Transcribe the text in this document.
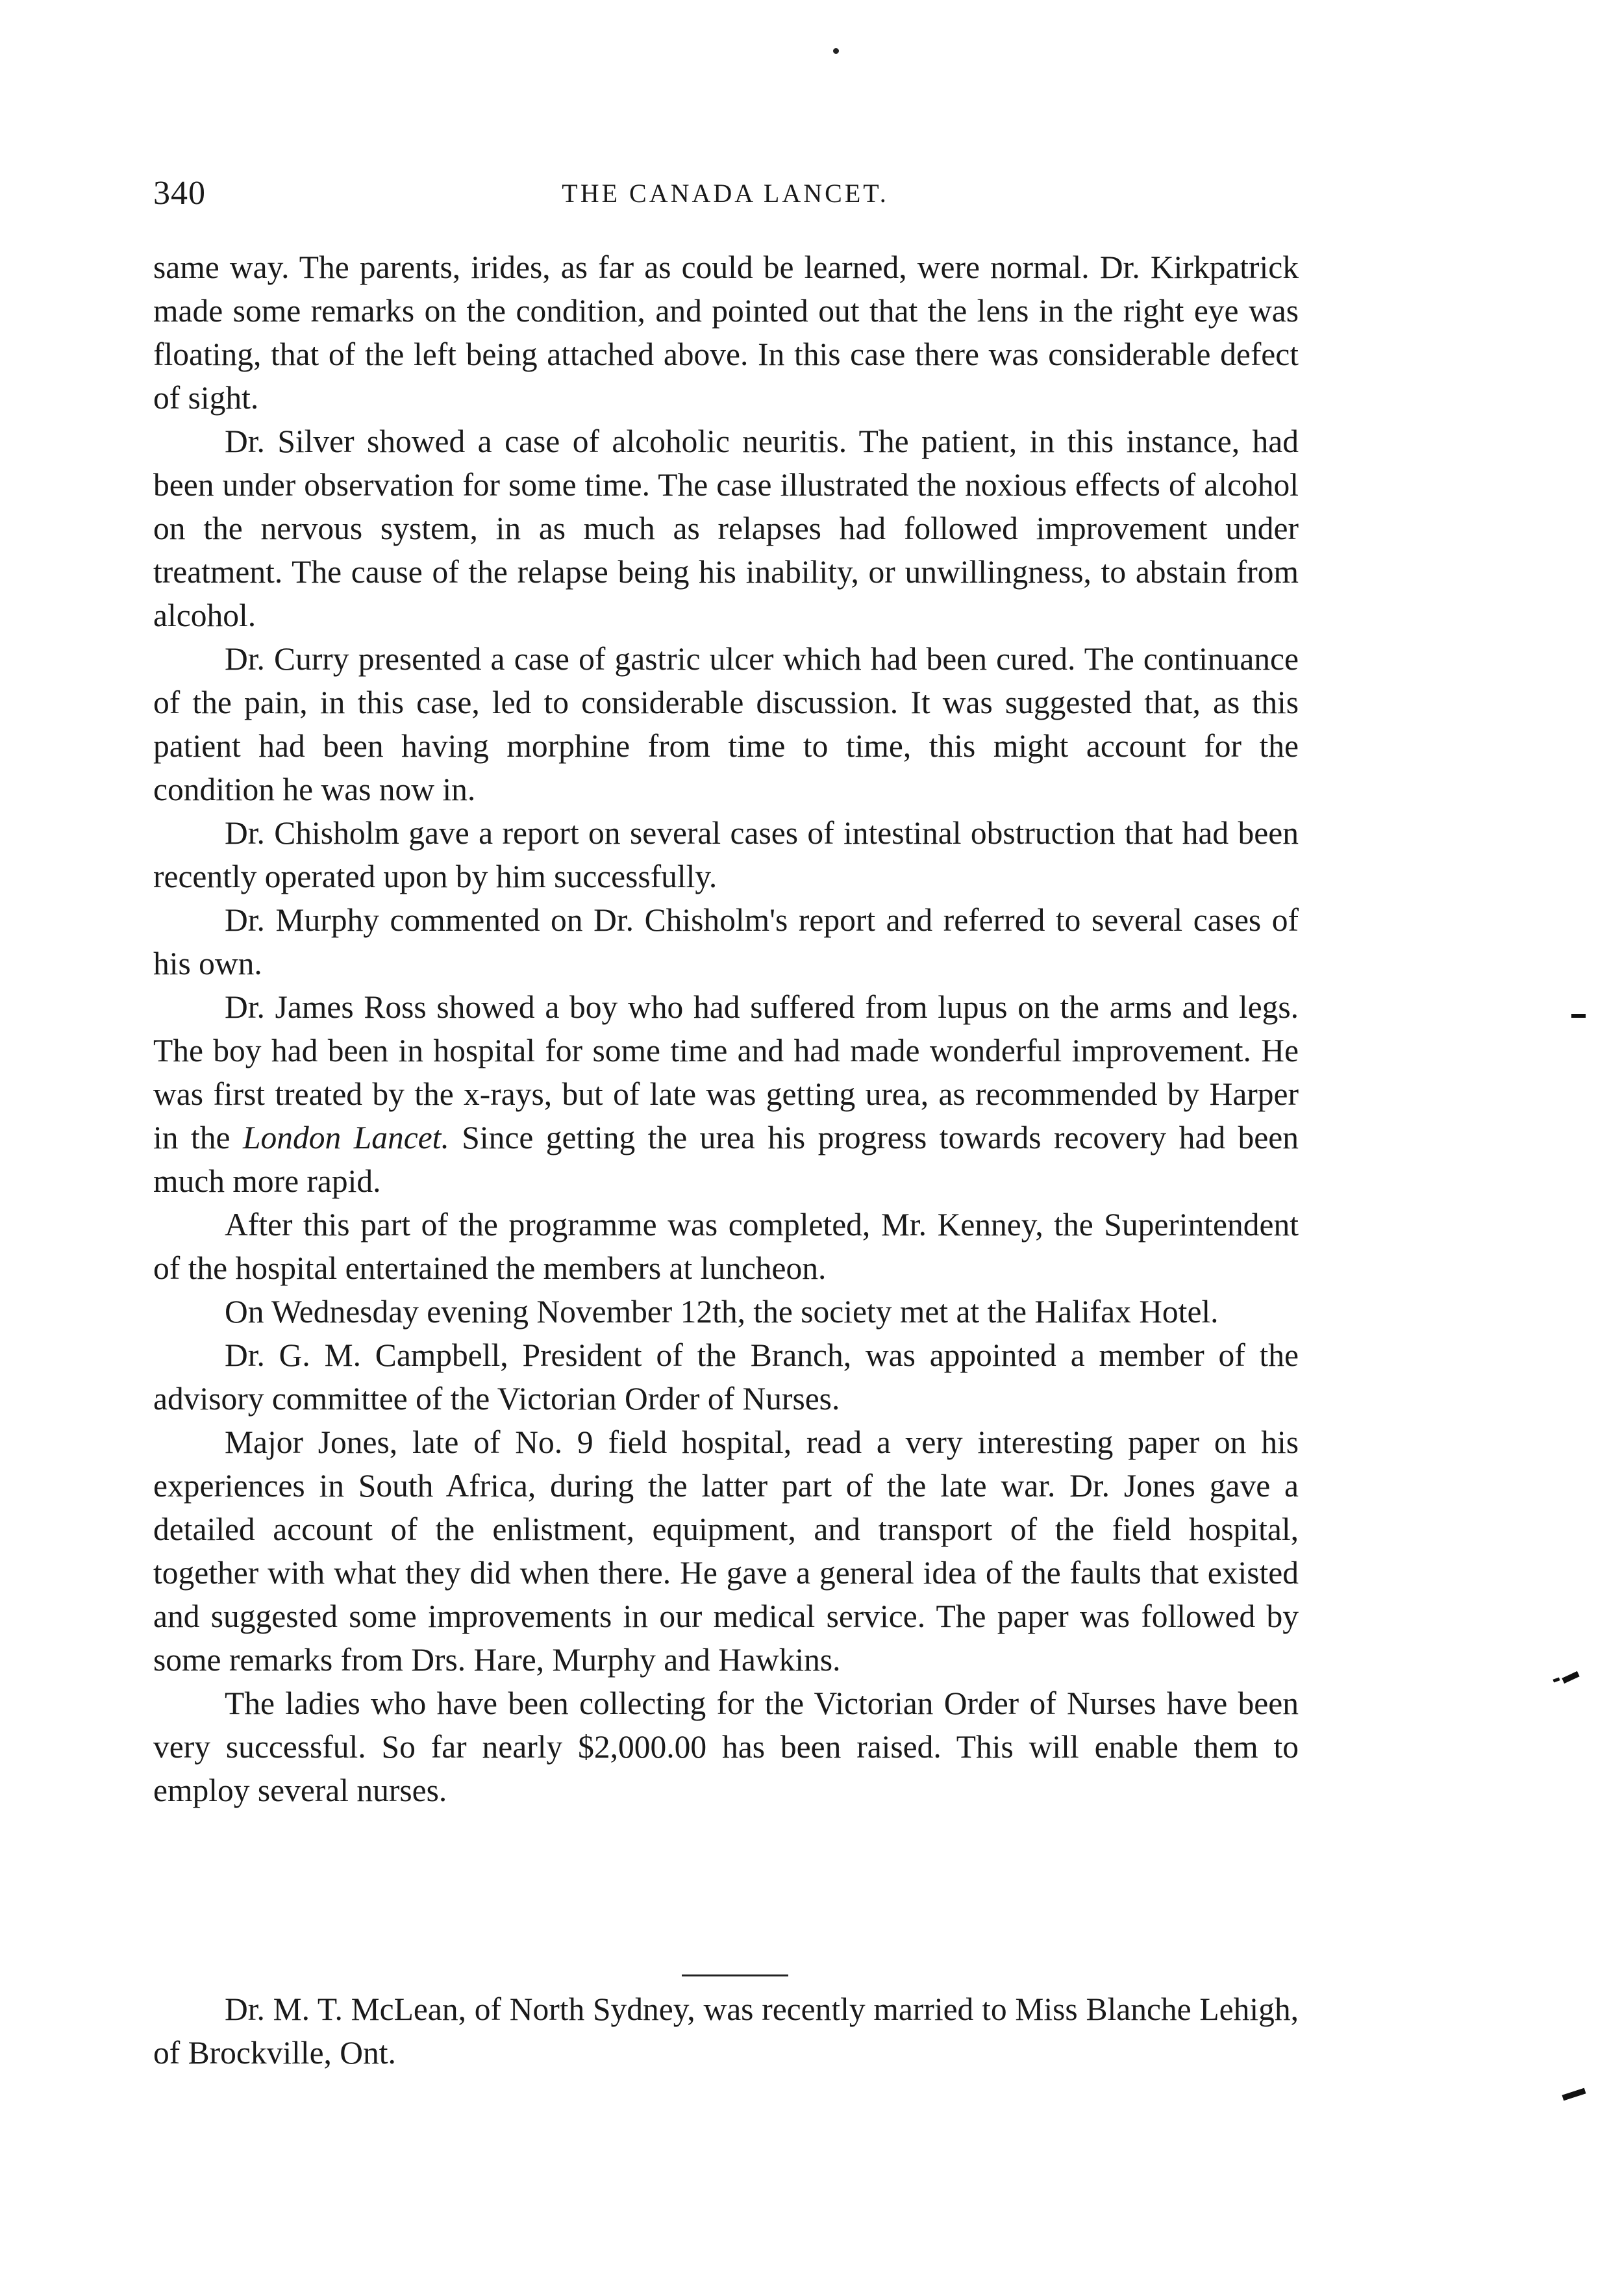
340	THE CANADA LANCET.

same way. The parents, irides, as far as could be learned, were normal. Dr. Kirkpatrick made some remarks on the condition, and pointed out that the lens in the right eye was floating, that of the left being attached above. In this case there was considerable defect of sight.

Dr. Silver showed a case of alcoholic neuritis. The patient, in this instance, had been under observation for some time. The case illustrated the noxious effects of alcohol on the nervous system, in as much as relapses had followed improvement under treatment. The cause of the relapse being his inability, or unwillingness, to abstain from alcohol.

Dr. Curry presented a case of gastric ulcer which had been cured. The continuance of the pain, in this case, led to considerable discussion. It was suggested that, as this patient had been having morphine from time to time, this might account for the condition he was now in.

Dr. Chisholm gave a report on several cases of intestinal obstruction that had been recently operated upon by him successfully.

Dr. Murphy commented on Dr. Chisholm's report and referred to several cases of his own.

Dr. James Ross showed a boy who had suffered from lupus on the arms and legs. The boy had been in hospital for some time and had made wonderful improvement. He was first treated by the x-rays, but of late was getting urea, as recommended by Harper in the London Lancet. Since getting the urea his progress towards recovery had been much more rapid.

After this part of the programme was completed, Mr. Kenney, the Superintendent of the hospital entertained the members at luncheon.

On Wednesday evening November 12th, the society met at the Halifax Hotel.

Dr. G. M. Campbell, President of the Branch, was appointed a member of the advisory committee of the Victorian Order of Nurses.

Major Jones, late of No. 9 field hospital, read a very interesting paper on his experiences in South Africa, during the latter part of the late war. Dr. Jones gave a detailed account of the enlistment, equipment, and transport of the field hospital, together with what they did when there. He gave a general idea of the faults that existed and suggested some improvements in our medical service. The paper was followed by some remarks from Drs. Hare, Murphy and Hawkins.

The ladies who have been collecting for the Victorian Order of Nurses have been very successful. So far nearly $2,000.00 has been raised. This will enable them to employ several nurses.

Dr. M. T. McLean, of North Sydney, was recently married to Miss Blanche Lehigh, of Brockville, Ont.
